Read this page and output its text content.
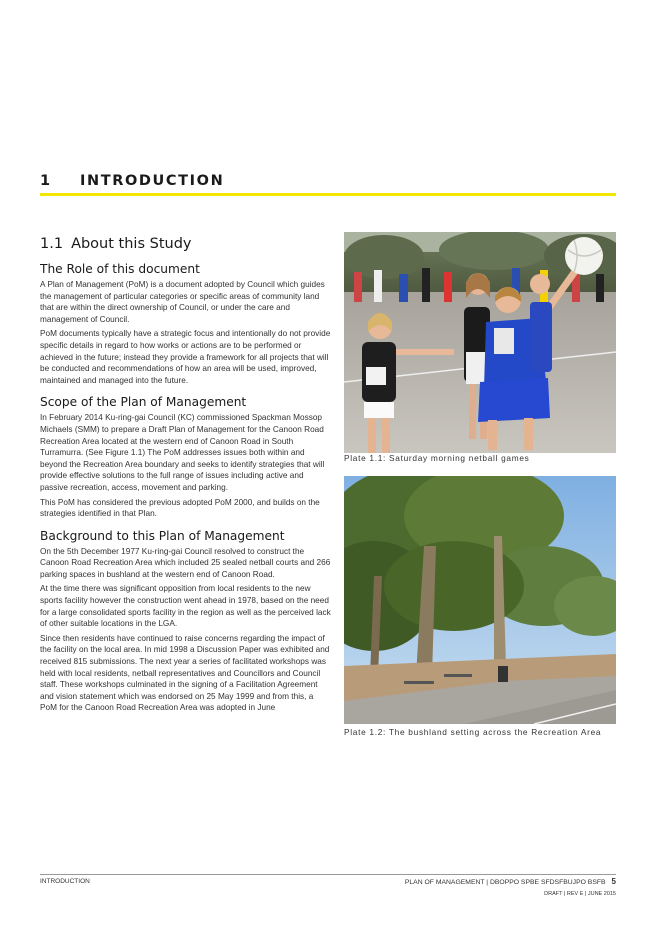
1 INTRODUCTION
1.1 About this Study
The Role of this document

A Plan of Management (PoM) is a document adopted by Council which guides the management of particular categories or specific areas of community land that are within the direct ownership of Council, or under the care and management of Council.

PoM documents typically have a strategic focus and intentionally do not provide specific details in regard to how works or actions are to be performed or achieved in the future; instead they provide a framework for all projects that will be conducted and recommendations of how an area will be used, improved, maintained and managed into the future.

Scope of the Plan of Management

In February 2014 Ku-ring-gai Council (KC) commissioned Spackman Mossop Michaels (SMM) to prepare a Draft Plan of Management for the Canoon Road Recreation Area located at the western end of Canoon Road in South Turramurra. (See Figure 1.1) The PoM addresses issues both within and beyond the Recreation Area boundary and seeks to identify strategies that will provide effective solutions to the full range of issues including active and passive recreation, access, movement and parking.

This PoM has considered the previous adopted PoM 2000, and builds on the strategies identified in that Plan.

Background to this Plan of Management

On the 5th December 1977 Ku-ring-gai Council resolved to construct the Canoon Road Recreation Area which included 25 sealed netball courts and 266 parking spaces in bushland at the western end of Canoon Road.

At the time there was significant opposition from local residents to the new sports facility however the construction went ahead in 1978, based on the need for a large consolidated sports facility in the region as well as the perceived lack of other suitable locations in the LGA.

Since then residents have continued to raise concerns regarding the impact of the facility on the local area. In mid 1998 a Discussion Paper was exhibited and received 815 submissions. The next year a series of facilitated workshops was held with local residents, netball representatives and Councillors and Council staff. These workshops culminated in the signing of a Facilitation Agreement and vision statement which was endorsed on 25 May 1999 and from this, a PoM for the Canoon Road Recreation Area was adopted in June

Plate 1.1: Saturday morning netball games
Plate 1.2: The bushland setting across the Recreation Area
INTRODUCTION	PLAN OF MANAGEMENT | DBOPPO SPBE SFDSFBUJPO BSFB 5
DRAFT | REV E | JUNE 2015
